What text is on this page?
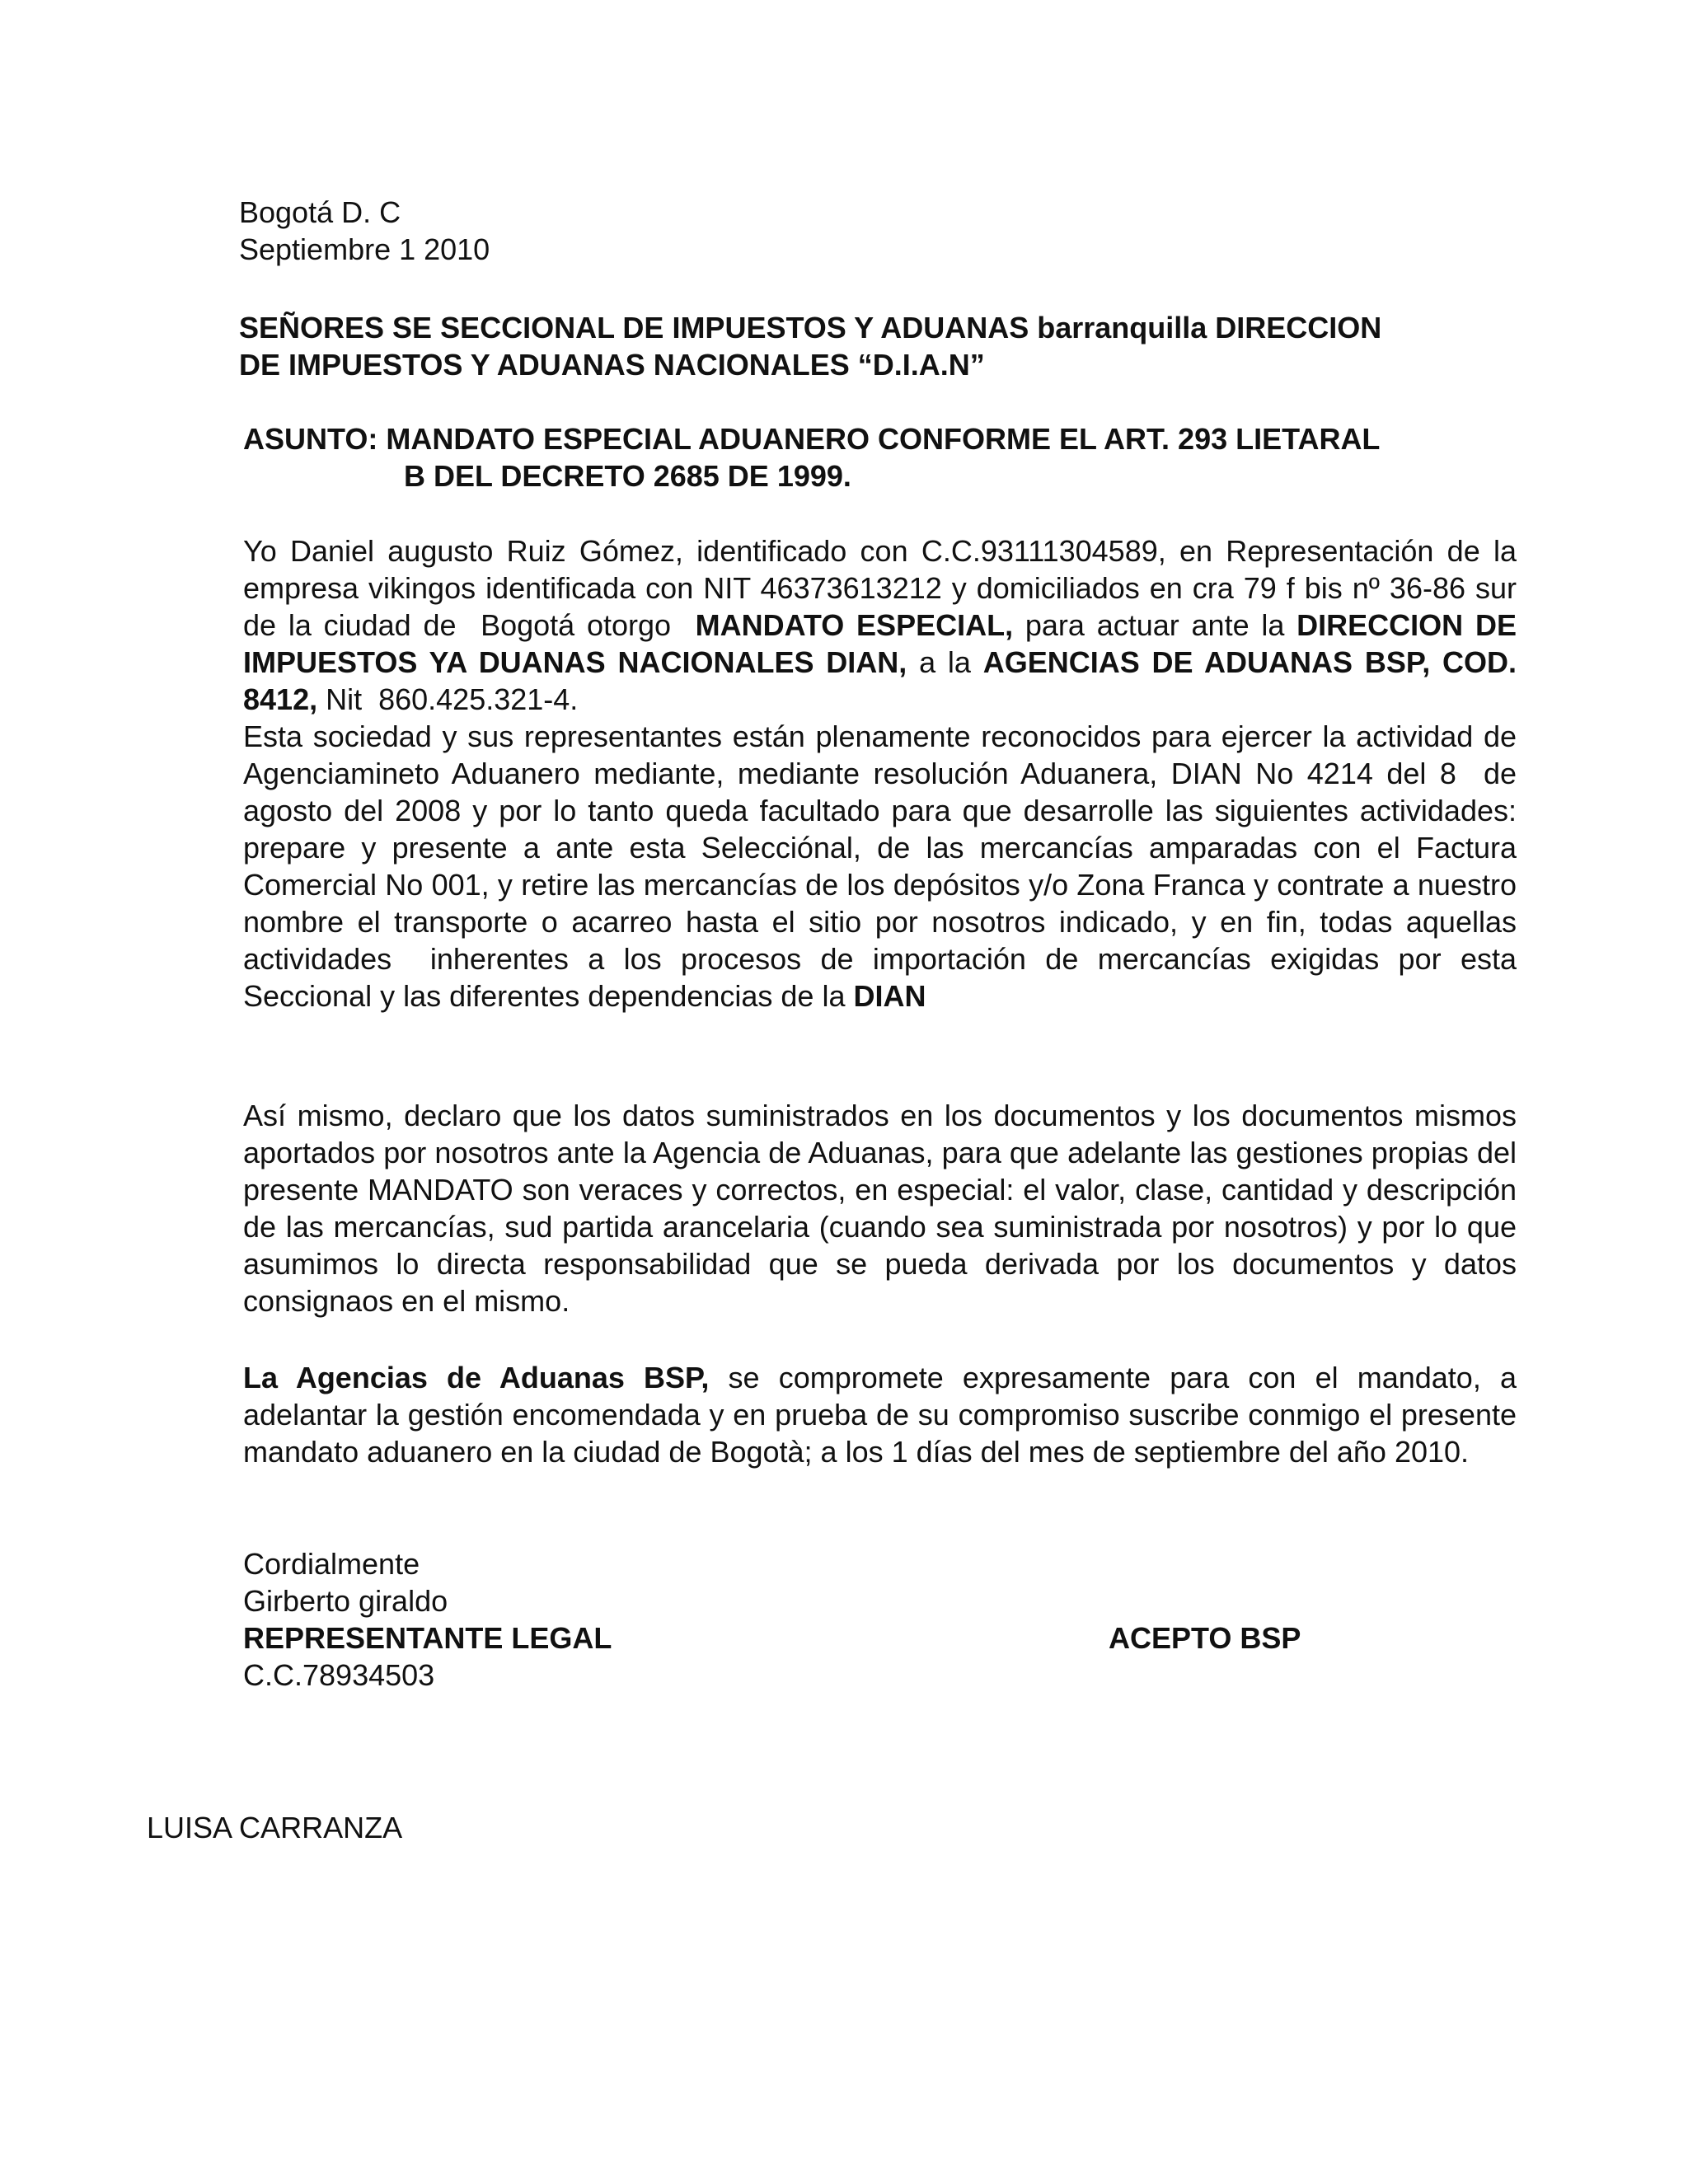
Bogotá D. C
Septiembre 1 2010
SEÑORES SE SECCIONAL DE IMPUESTOS Y ADUANAS barranquilla DIRECCION
DE IMPUESTOS Y ADUANAS NACIONALES “D.I.A.N”
ASUNTO: MANDATO ESPECIAL ADUANERO CONFORME EL ART. 293 LIETARAL
B DEL DECRETO 2685 DE 1999.
Yo Daniel augusto Ruiz Gómez, identificado con C.C.93111304589, en Representación de la empresa vikingos identificada con NIT 46373613212 y domiciliados en cra 79 f bis nº 36-86 sur de la ciudad de  Bogotá otorgo  MANDATO ESPECIAL, para actuar ante la DIRECCION DE IMPUESTOS YA DUANAS NACIONALES DIAN, a la AGENCIAS DE ADUANAS BSP, COD. 8412, Nit  860.425.321-4.
Esta sociedad y sus representantes están plenamente reconocidos para ejercer la actividad de Agenciamineto Aduanero mediante, mediante resolución Aduanera, DIAN No 4214 del 8  de agosto del 2008 y por lo tanto queda facultado para que desarrolle las siguientes actividades: prepare y presente a ante esta Selecciónal, de las mercancías amparadas con el Factura Comercial No 001, y retire las mercancías de los depósitos y/o Zona Franca y contrate a nuestro nombre el transporte o acarreo hasta el sitio por nosotros indicado, y en fin, todas aquellas actividades  inherentes a los procesos de importación de mercancías exigidas por esta Seccional y las diferentes dependencias de la DIAN
Así mismo, declaro que los datos suministrados en los documentos y los documentos mismos aportados por nosotros ante la Agencia de Aduanas, para que adelante las gestiones propias del presente MANDATO son veraces y correctos, en especial: el valor, clase, cantidad y descripción de las mercancías, sud partida arancelaria (cuando sea suministrada por nosotros) y por lo que asumimos lo directa responsabilidad que se pueda derivada por los documentos y datos consignaos en el mismo.
La Agencias de Aduanas BSP, se compromete expresamente para con el mandato, a adelantar la gestión encomendada y en prueba de su compromiso suscribe conmigo el presente mandato aduanero en la ciudad de Bogotà; a los 1 días del mes de septiembre del año 2010.
Cordialmente
Girberto giraldo
REPRESENTANTE LEGAL	ACEPTO BSP
C.C.78934503
LUISA CARRANZA
